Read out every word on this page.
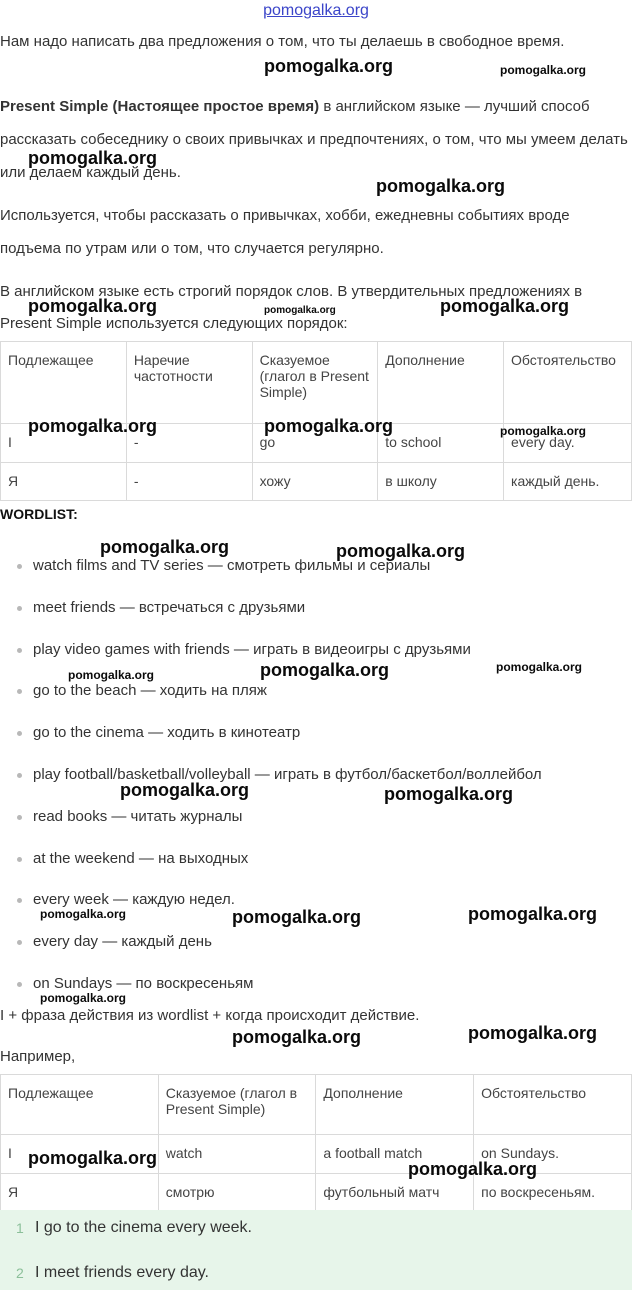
pomogalka.org

Нам надо написать два предложения о том, что ты делаешь в свободное время.

Present Simple (Настоящее простое время) в английском языке — лучший способ рассказать собеседнику о своих привычках и предпочтениях, о том, что мы умеем делать или делаем каждый день.

Используется, чтобы рассказать о привычках, хобби, ежедневны событиях вроде подъема по утрам или о том, что случается регулярно.

В английском языке есть строгий порядок слов. В утвердительных предложениях в Present Simple используется следующих порядок:

Подлежащее	Наречие частотности	Сказуемое (глагол в Present Simple)	Дополнение	Обстоятельство
I	-	go	to school	every day.
Я	-	хожу	в школу	каждый день.
WORDLIST:
watch films and TV series — смотреть фильмы и сериалы
meet friends — встречаться с друзьями
play video games with friends — играть в видеоигры с друзьями
go to the beach — ходить на пляж
go to the cinema — ходить в кинотеатр
play football/basketball/volleyball — играть в футбол/баскетбол/воллейбол
read books — читать журналы
at the weekend — на выходных
every week — каждую недел.
every day — каждый день
on Sundays — по воскресеньям
I + фраза действия из wordlist + когда происходит действие.
Например,
Подлежащее	Сказуемое (глагол в Present Simple)	Дополнение	Обстоятельство
I	watch	a football match	on Sundays.
Я	смотрю	футбольный матч	по воскресеньям.
1 I go to the cinema every week.
2 I meet friends every day.
pomogalka.org	pomogalka.org
pomogalka.org
pomogalka.org
pomogalka.org	pomogalka.org	pomogalka.org
pomogalka.org	pomogalka.org	pomogalka.org
pomogalka.org	pomogalka.org
pomogalka.org	pomogalka.org	pomogalka.org
pomogalka.org	pomogalka.org
pomogalka.org	pomogalka.org	pomogalka.org
pomogalka.org
pomogalka.org	pomogalka.org
pomogalka.org
pomogalka.org
